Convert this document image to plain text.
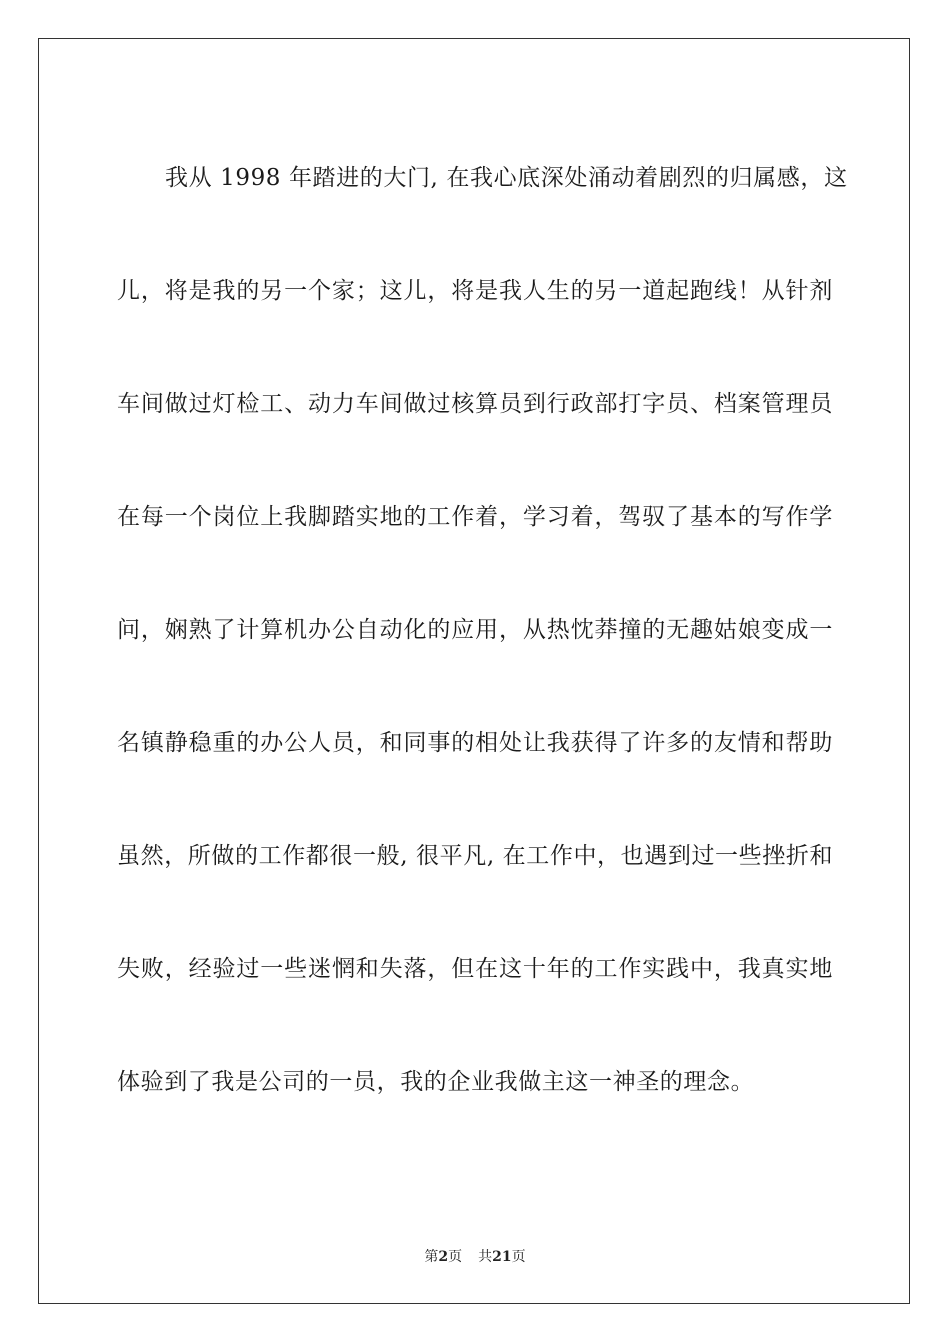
我从 1998 年踏进的大门, 在我心底深处涌动着剧烈的归属感，这
儿，将是我的另一个家；这儿，将是我人生的另一道起跑线！从针剂
车间做过灯检工、动力车间做过核算员到行政部打字员、档案管理员
在每一个岗位上我脚踏实地的工作着，学习着，驾驭了基本的写作学
问，娴熟了计算机办公自动化的应用，从热忱莽撞的无趣姑娘变成一
名镇静稳重的办公人员，和同事的相处让我获得了许多的友情和帮助
虽然，所做的工作都很一般, 很平凡, 在工作中，也遇到过一些挫折和
失败，经验过一些迷惘和失落，但在这十年的工作实践中，我真实地
体验到了我是公司的一员，我的企业我做主这一神圣的理念。
第2页 共21页
